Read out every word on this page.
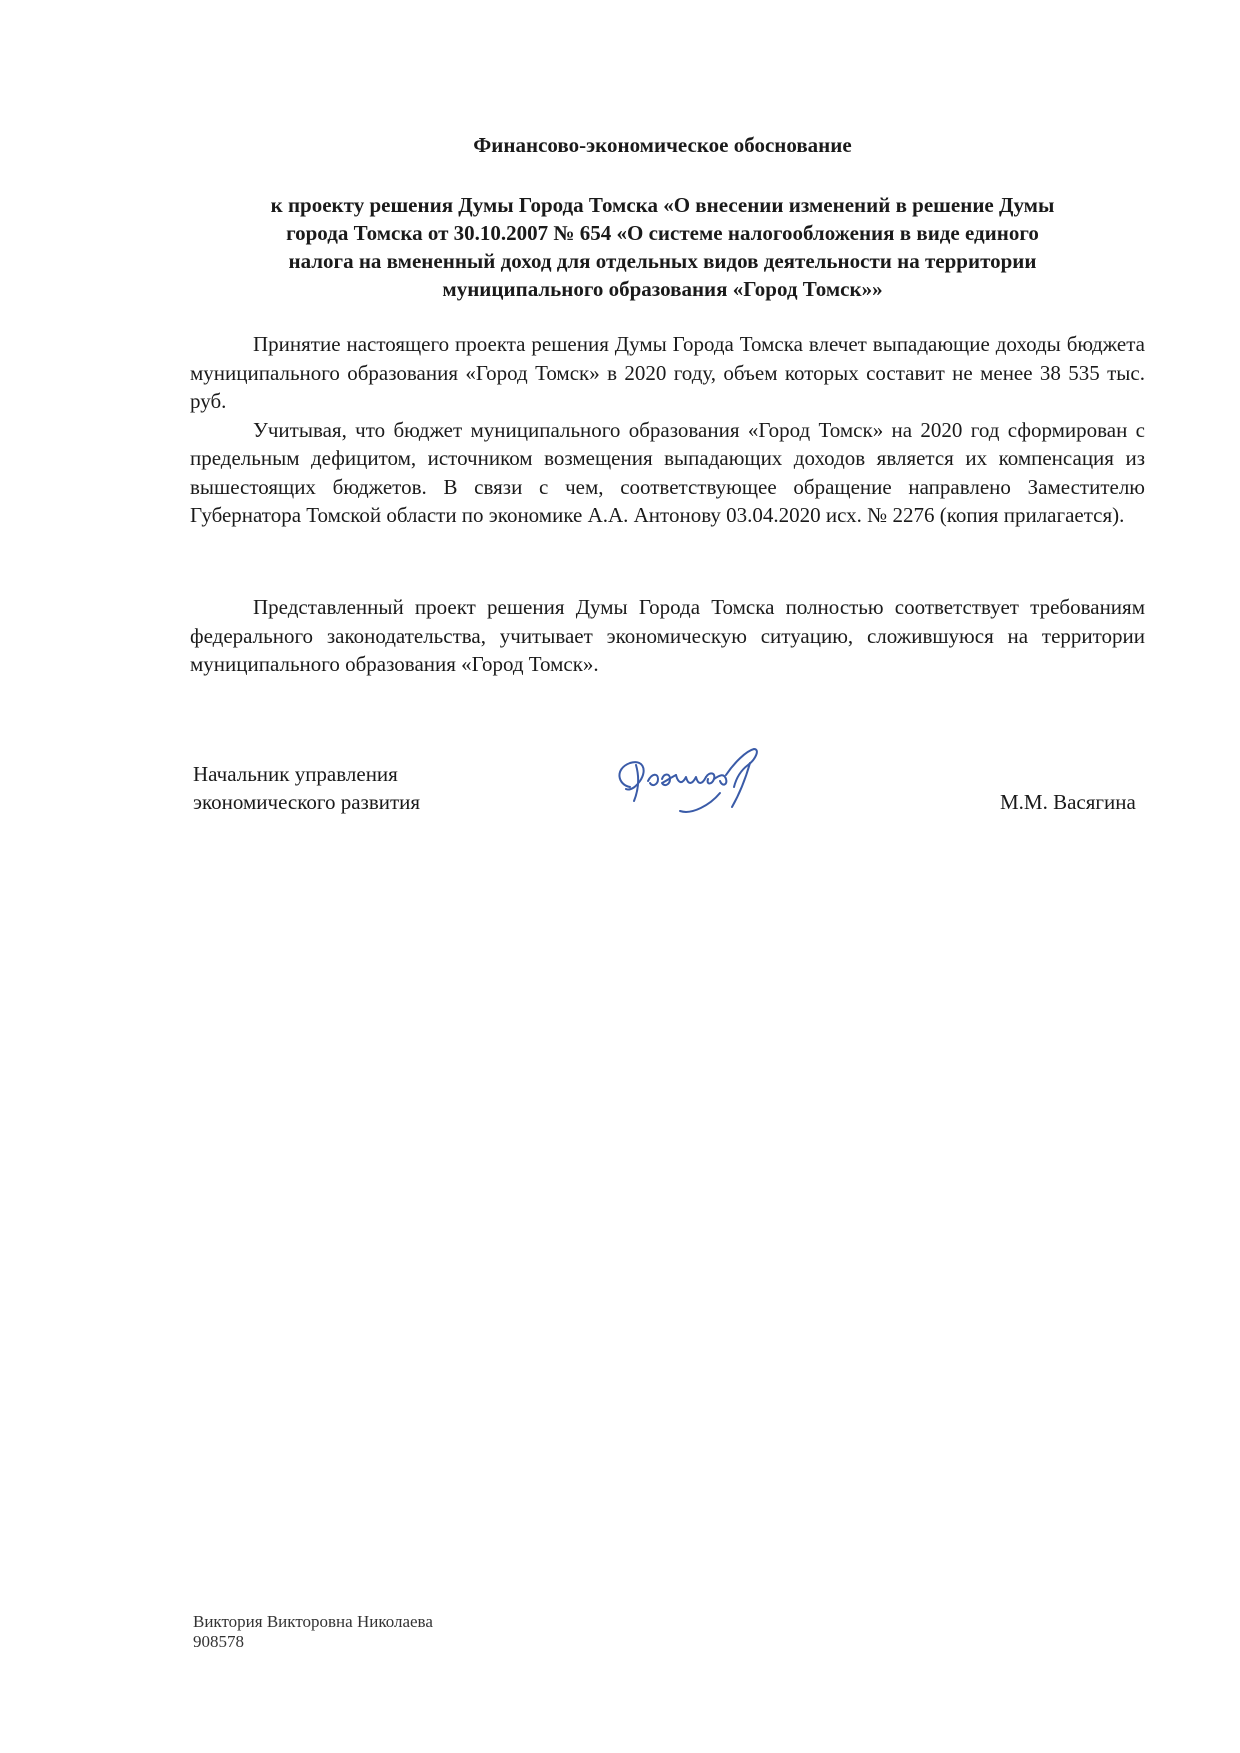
Финансово-экономическое обоснование
к проекту решения Думы Города Томска «О внесении изменений в решение Думы
города Томска от 30.10.2007 № 654 «О системе налогообложения в виде единого
налога на вмененный доход для отдельных видов деятельности на территории
муниципального образования «Город Томск»»

Принятие настоящего проекта решения Думы Города Томска влечет выпадающие доходы бюджета муниципального образования «Город Томск» в 2020 году, объем которых составит не менее 38 535 тыс. руб.

Учитывая, что бюджет муниципального образования «Город Томск» на 2020 год сформирован с предельным дефицитом, источником возмещения выпадающих доходов является их компенсация из вышестоящих бюджетов. В связи с чем, соответствующее обращение направлено Заместителю Губернатора Томской области по экономике А.А. Антонову 03.04.2020 исх. № 2276 (копия прилагается).

Представленный проект решения Думы Города Томска полностью соответствует требованиям федерального законодательства, учитывает экономическую ситуацию, сложившуюся на территории муниципального образования «Город Томск».

Начальник управления
экономического развития	М.М. Васягина
Виктория Викторовна Николаева
908578
